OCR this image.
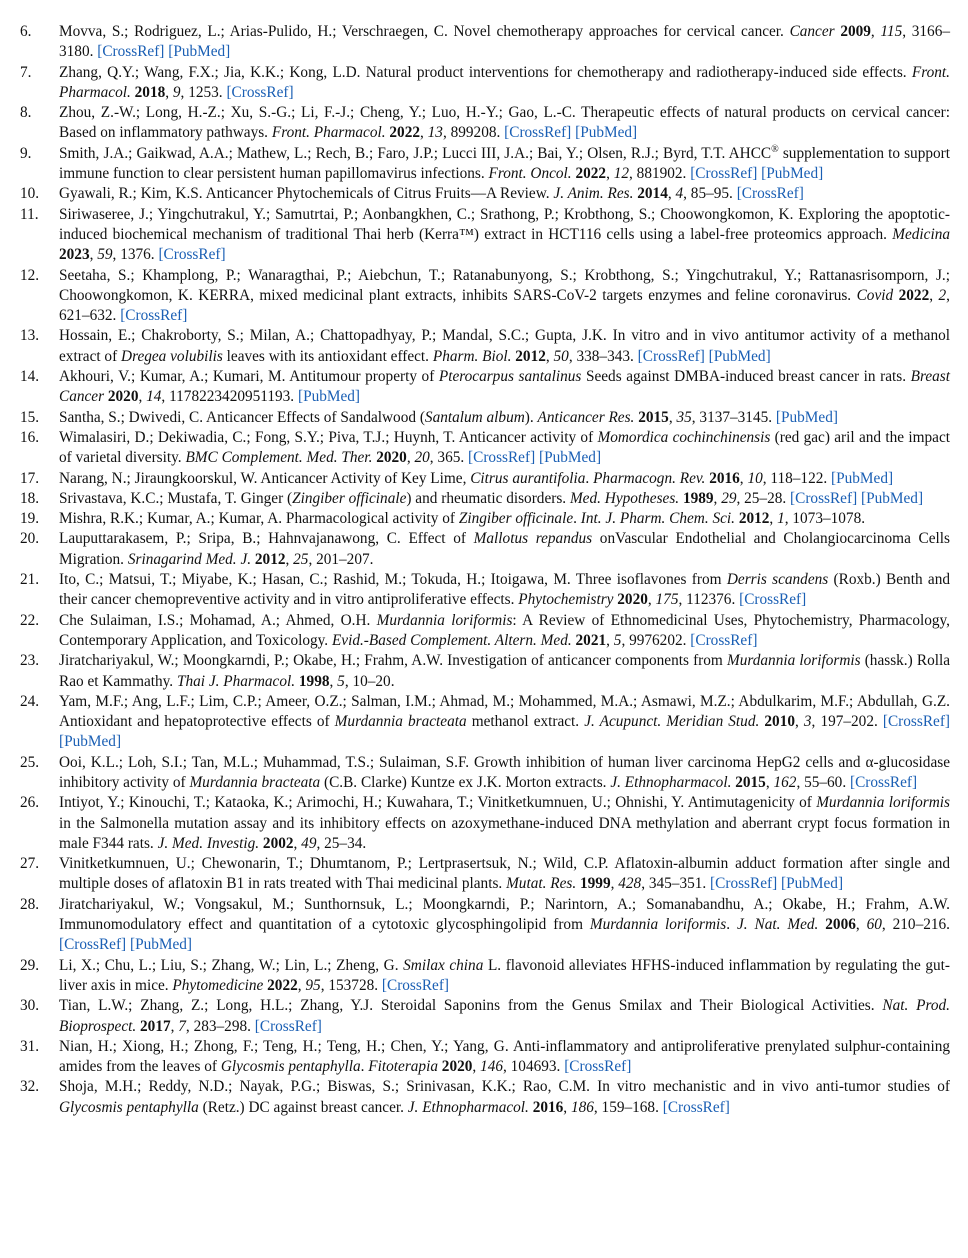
6.	Movva, S.; Rodriguez, L.; Arias-Pulido, H.; Verschraegen, C. Novel chemotherapy approaches for cervical cancer. Cancer 2009, 115, 3166–3180. [CrossRef] [PubMed]
7.	Zhang, Q.Y.; Wang, F.X.; Jia, K.K.; Kong, L.D. Natural product interventions for chemotherapy and radiotherapy-induced side effects. Front. Pharmacol. 2018, 9, 1253. [CrossRef]
8.	Zhou, Z.-W.; Long, H.-Z.; Xu, S.-G.; Li, F.-J.; Cheng, Y.; Luo, H.-Y.; Gao, L.-C. Therapeutic effects of natural products on cervical cancer: Based on inflammatory pathways. Front. Pharmacol. 2022, 13, 899208. [CrossRef] [PubMed]
9.	Smith, J.A.; Gaikwad, A.A.; Mathew, L.; Rech, B.; Faro, J.P.; Lucci III, J.A.; Bai, Y.; Olsen, R.J.; Byrd, T.T. AHCC® supplementation to support immune function to clear persistent human papillomavirus infections. Front. Oncol. 2022, 12, 881902. [CrossRef] [PubMed]
10.	Gyawali, R.; Kim, K.S. Anticancer Phytochemicals of Citrus Fruits—A Review. J. Anim. Res. 2014, 4, 85–95. [CrossRef]
11.	Siriwaseree, J.; Yingchutrakul, Y.; Samutrtai, P.; Aonbangkhen, C.; Srathong, P.; Krobthong, S.; Choowongkomon, K. Exploring the apoptotic-induced biochemical mechanism of traditional Thai herb (Kerra™) extract in HCT116 cells using a label-free proteomics approach. Medicina 2023, 59, 1376. [CrossRef]
12.	Seetaha, S.; Khamplong, P.; Wanaragthai, P.; Aiebchun, T.; Ratanabunyong, S.; Krobthong, S.; Yingchutrakul, Y.; Rattanasrisomporn, J.; Choowongkomon, K. KERRA, mixed medicinal plant extracts, inhibits SARS-CoV-2 targets enzymes and feline coronavirus. Covid 2022, 2, 621–632. [CrossRef]
13.	Hossain, E.; Chakroborty, S.; Milan, A.; Chattopadhyay, P.; Mandal, S.C.; Gupta, J.K. In vitro and in vivo antitumor activity of a methanol extract of Dregea volubilis leaves with its antioxidant effect. Pharm. Biol. 2012, 50, 338–343. [CrossRef] [PubMed]
14.	Akhouri, V.; Kumar, A.; Kumari, M. Antitumour property of Pterocarpus santalinus Seeds against DMBA-induced breast cancer in rats. Breast Cancer 2020, 14, 1178223420951193. [PubMed]
15.	Santha, S.; Dwivedi, C. Anticancer Effects of Sandalwood (Santalum album). Anticancer Res. 2015, 35, 3137–3145. [PubMed]
16.	Wimalasiri, D.; Dekiwadia, C.; Fong, S.Y.; Piva, T.J.; Huynh, T. Anticancer activity of Momordica cochinchinensis (red gac) aril and the impact of varietal diversity. BMC Complement. Med. Ther. 2020, 20, 365. [CrossRef] [PubMed]
17.	Narang, N.; Jiraungkoorskul, W. Anticancer Activity of Key Lime, Citrus aurantifolia. Pharmacogn. Rev. 2016, 10, 118–122. [PubMed]
18.	Srivastava, K.C.; Mustafa, T. Ginger (Zingiber officinale) and rheumatic disorders. Med. Hypotheses. 1989, 29, 25–28. [CrossRef] [PubMed]
19.	Mishra, R.K.; Kumar, A.; Kumar, A. Pharmacological activity of Zingiber officinale. Int. J. Pharm. Chem. Sci. 2012, 1, 1073–1078.
20.	Lauputtarakasem, P.; Sripa, B.; Hahnvajanawong, C. Effect of Mallotus repandus onVascular Endothelial and Cholangiocarcinoma Cells Migration. Srinagarind Med. J. 2012, 25, 201–207.
21.	Ito, C.; Matsui, T.; Miyabe, K.; Hasan, C.; Rashid, M.; Tokuda, H.; Itoigawa, M. Three isoflavones from Derris scandens (Roxb.) Benth and their cancer chemopreventive activity and in vitro antiproliferative effects. Phytochemistry 2020, 175, 112376. [CrossRef]
22.	Che Sulaiman, I.S.; Mohamad, A.; Ahmed, O.H. Murdannia loriformis: A Review of Ethnomedicinal Uses, Phytochemistry, Pharmacology, Contemporary Application, and Toxicology. Evid.-Based Complement. Altern. Med. 2021, 5, 9976202. [CrossRef]
23.	Jiratchariyakul, W.; Moongkarndi, P.; Okabe, H.; Frahm, A.W. Investigation of anticancer components from Murdannia loriformis (hassk.) Rolla Rao et Kammathy. Thai J. Pharmacol. 1998, 5, 10–20.
24.	Yam, M.F.; Ang, L.F.; Lim, C.P.; Ameer, O.Z.; Salman, I.M.; Ahmad, M.; Mohammed, M.A.; Asmawi, M.Z.; Abdulkarim, M.F.; Abdullah, G.Z. Antioxidant and hepatoprotective effects of Murdannia bracteata methanol extract. J. Acupunct. Meridian Stud. 2010, 3, 197–202. [CrossRef] [PubMed]
25.	Ooi, K.L.; Loh, S.I.; Tan, M.L.; Muhammad, T.S.; Sulaiman, S.F. Growth inhibition of human liver carcinoma HepG2 cells and α-glucosidase inhibitory activity of Murdannia bracteata (C.B. Clarke) Kuntze ex J.K. Morton extracts. J. Ethnopharmacol. 2015, 162, 55–60. [CrossRef]
26.	Intiyot, Y.; Kinouchi, T.; Kataoka, K.; Arimochi, H.; Kuwahara, T.; Vinitketkumnuen, U.; Ohnishi, Y. Antimutagenicity of Murdannia loriformis in the Salmonella mutation assay and its inhibitory effects on azoxymethane-induced DNA methylation and aberrant crypt focus formation in male F344 rats. J. Med. Investig. 2002, 49, 25–34.
27.	Vinitketkumnuen, U.; Chewonarin, T.; Dhumtanom, P.; Lertprasertsuk, N.; Wild, C.P. Aflatoxin-albumin adduct formation after single and multiple doses of aflatoxin B1 in rats treated with Thai medicinal plants. Mutat. Res. 1999, 428, 345–351. [CrossRef] [PubMed]
28.	Jiratchariyakul, W.; Vongsakul, M.; Sunthornsuk, L.; Moongkarndi, P.; Narintorn, A.; Somanabandhu, A.; Okabe, H.; Frahm, A.W. Immunomodulatory effect and quantitation of a cytotoxic glycosphingolipid from Murdannia loriformis. J. Nat. Med. 2006, 60, 210–216. [CrossRef] [PubMed]
29.	Li, X.; Chu, L.; Liu, S.; Zhang, W.; Lin, L.; Zheng, G. Smilax china L. flavonoid alleviates HFHS-induced inflammation by regulating the gut-liver axis in mice. Phytomedicine 2022, 95, 153728. [CrossRef]
30.	Tian, L.W.; Zhang, Z.; Long, H.L.; Zhang, Y.J. Steroidal Saponins from the Genus Smilax and Their Biological Activities. Nat. Prod. Bioprospect. 2017, 7, 283–298. [CrossRef]
31.	Nian, H.; Xiong, H.; Zhong, F.; Teng, H.; Teng, H.; Chen, Y.; Yang, G. Anti-inflammatory and antiproliferative prenylated sulphur-containing amides from the leaves of Glycosmis pentaphylla. Fitoterapia 2020, 146, 104693. [CrossRef]
32.	Shoja, M.H.; Reddy, N.D.; Nayak, P.G.; Biswas, S.; Srinivasan, K.K.; Rao, C.M. In vitro mechanistic and in vivo anti-tumor studies of Glycosmis pentaphylla (Retz.) DC against breast cancer. J. Ethnopharmacol. 2016, 186, 159–168. [CrossRef]
